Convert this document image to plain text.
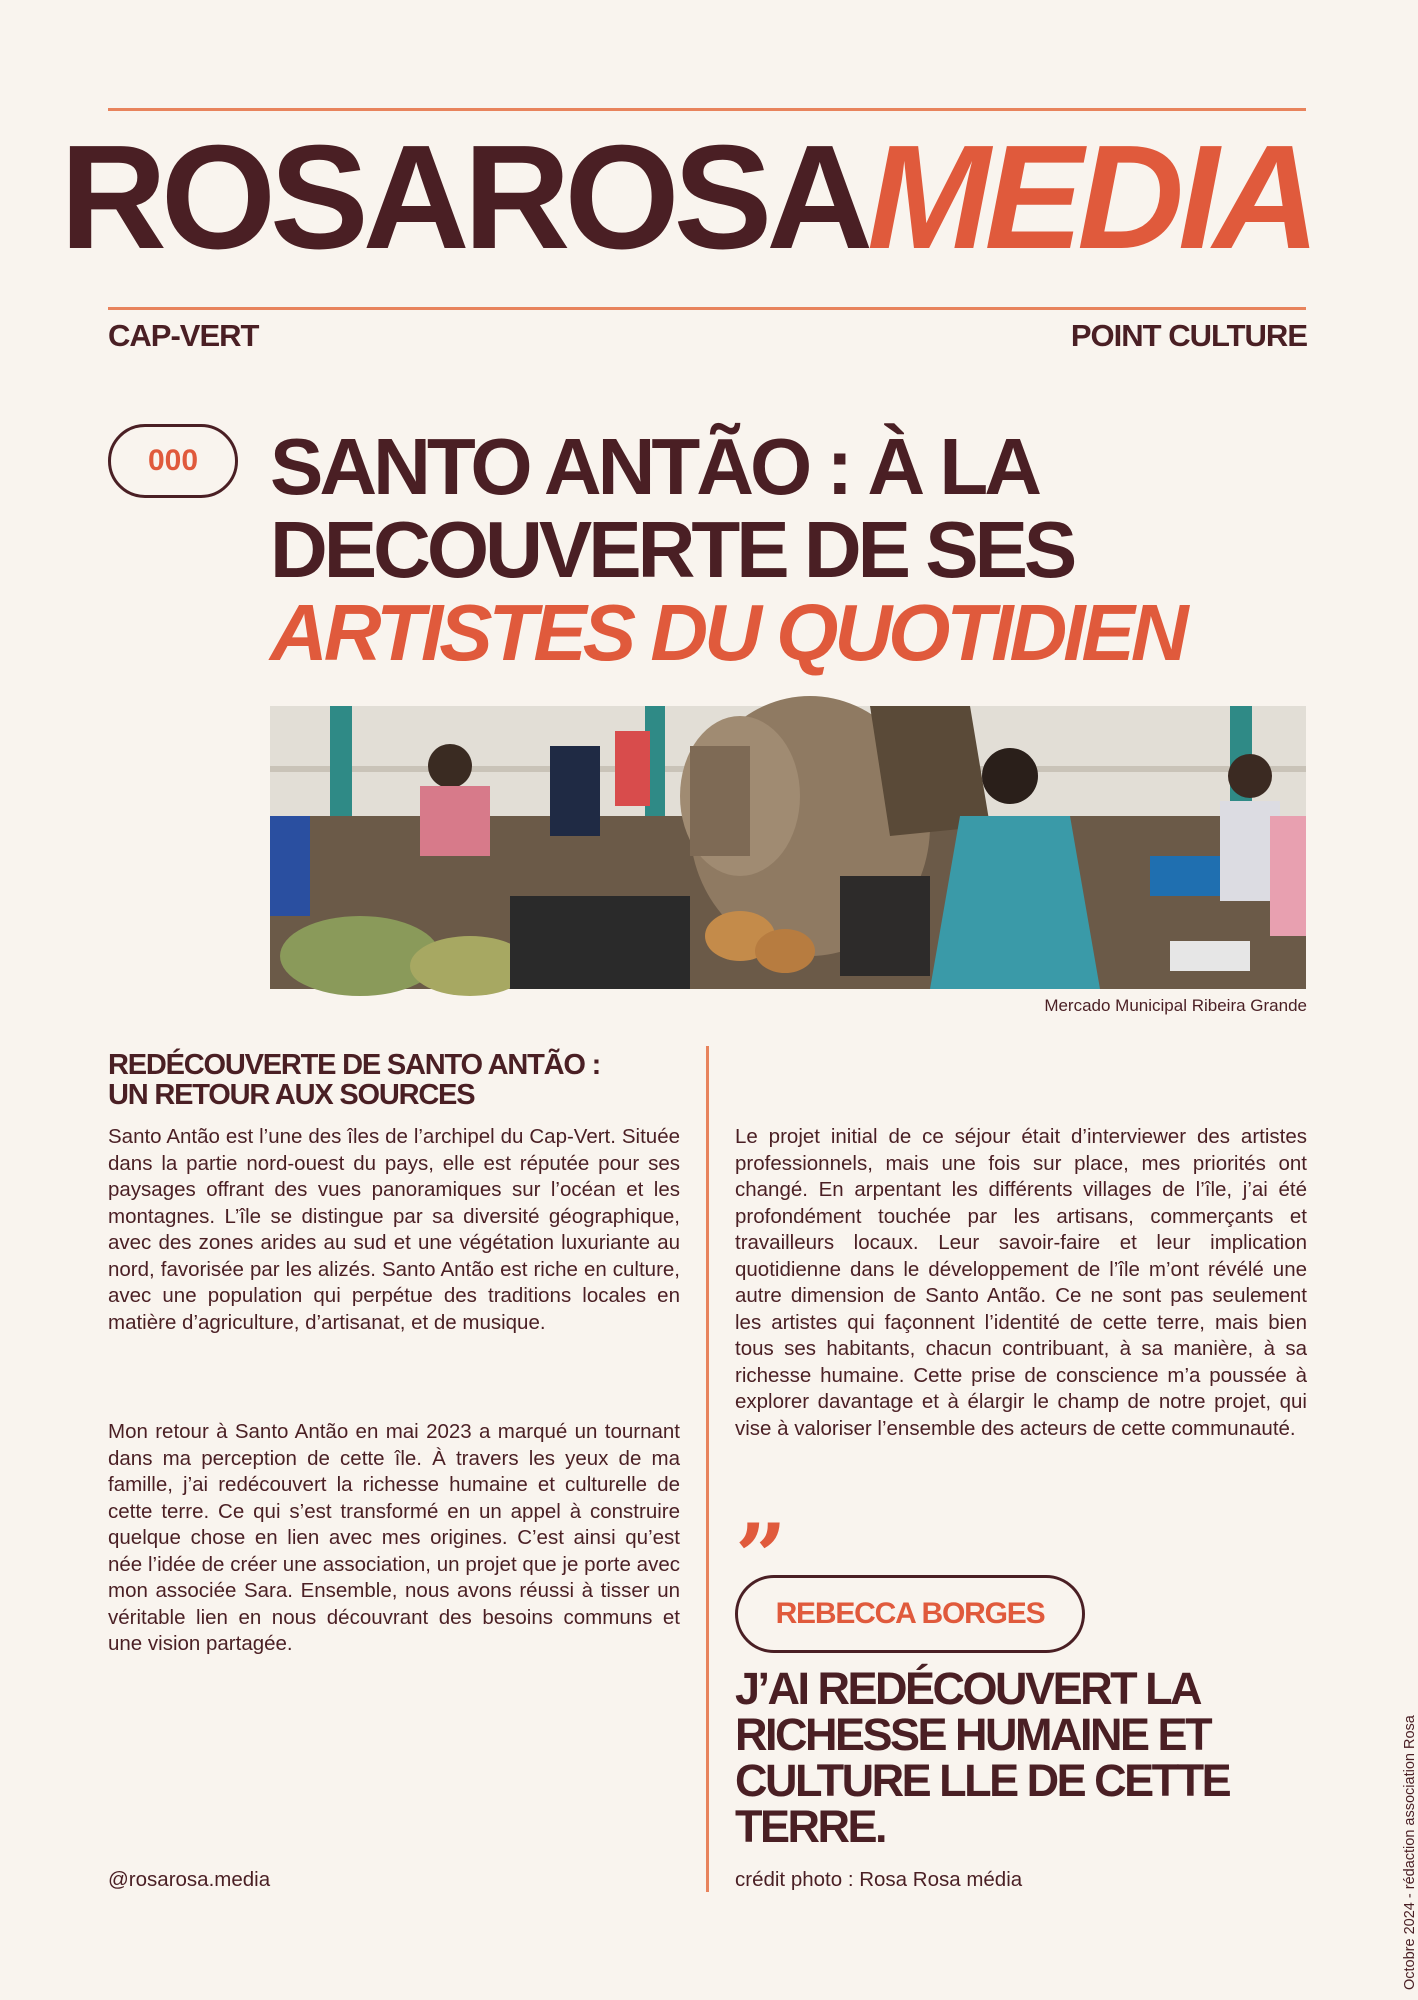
ROSAROSAMEDIA
CAP-VERT	POINT CULTURE
000 SANTO ANTÃO : À LA
DECOUVERTE DE SES
ARTISTES DU QUOTIDIEN
Mercado Municipal Ribeira Grande
REDÉCOUVERTE DE SANTO ANTÃO :
UN RETOUR AUX SOURCES

Santo Antão est l’une des îles de l’archipel du Cap-Vert. Située dans la partie nord-ouest du pays, elle est réputée pour ses paysages offrant des vues panoramiques sur l’océan et les montagnes. L’île se distingue par sa diversité géographique, avec des zones arides au sud et une végétation luxuriante au nord, favorisée par les alizés. Santo Antão est riche en culture, avec une population qui perpétue des traditions locales en matière d’agriculture, d’artisanat, et de musique.

Mon retour à Santo Antão en mai 2023 a marqué un tournant dans ma perception de cette île. À travers les yeux de ma famille, j’ai redécouvert la richesse humaine et culturelle de cette terre. Ce qui s’est transformé en un appel à construire quelque chose en lien avec mes origines. C’est ainsi qu’est née l’idée de créer une association, un projet que je porte avec mon associée Sara. Ensemble, nous avons réussi à tisser un véritable lien en nous découvrant des besoins communs et une vision partagée.

Le projet initial de ce séjour était d’interviewer des artistes professionnels, mais une fois sur place, mes priorités ont changé. En arpentant les différents villages de l’île, j’ai été profondément touchée par les artisans, commerçants et travailleurs locaux. Leur savoir-faire et leur implication quotidienne dans le développement de l’île m’ont révélé une autre dimension de Santo Antão. Ce ne sont pas seulement les artistes qui façonnent l’identité de cette terre, mais bien tous ses habitants, chacun contribuant, à sa manière, à sa richesse humaine. Cette prise de conscience m’a poussée à explorer davantage et à élargir le champ de notre projet, qui vise à valoriser l’ensemble des acteurs de cette communauté.

”
REBECCA BORGES
J’AI REDÉCOUVERT LA
RICHESSE HUMAINE ET
CULTURE LLE DE CETTE
TERRE.
@rosarosa.media	crédit photo : Rosa Rosa média	Octobre 2024 - rédaction association Rosa
